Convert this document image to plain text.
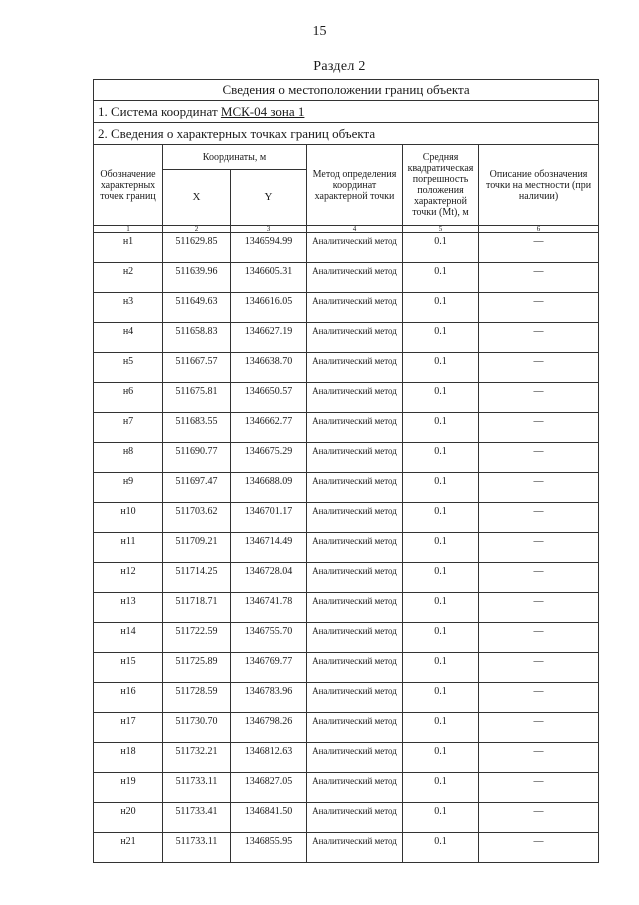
15
Раздел 2
Сведения о местоположении границ объекта					
1. Система координат МСК-04 зона 1					
2. Сведения о характерных точках границ объекта					
Обозначение характерных точек границ	Координаты, м		Метод определения координат характерной точки	Средняя квадратическая погрешность положения характерной точки (Mt), м	Описание обозначения точки на местности (при наличии)
	X	Y			
1	2	3	4	5	6
н1	511629.85	1346594.99	Аналитический метод	0.1	—
н2	511639.96	1346605.31	Аналитический метод	0.1	—
н3	511649.63	1346616.05	Аналитический метод	0.1	—
н4	511658.83	1346627.19	Аналитический метод	0.1	—
н5	511667.57	1346638.70	Аналитический метод	0.1	—
н6	511675.81	1346650.57	Аналитический метод	0.1	—
н7	511683.55	1346662.77	Аналитический метод	0.1	—
н8	511690.77	1346675.29	Аналитический метод	0.1	—
н9	511697.47	1346688.09	Аналитический метод	0.1	—
н10	511703.62	1346701.17	Аналитический метод	0.1	—
н11	511709.21	1346714.49	Аналитический метод	0.1	—
н12	511714.25	1346728.04	Аналитический метод	0.1	—
н13	511718.71	1346741.78	Аналитический метод	0.1	—
н14	511722.59	1346755.70	Аналитический метод	0.1	—
н15	511725.89	1346769.77	Аналитический метод	0.1	—
н16	511728.59	1346783.96	Аналитический метод	0.1	—
н17	511730.70	1346798.26	Аналитический метод	0.1	—
н18	511732.21	1346812.63	Аналитический метод	0.1	—
н19	511733.11	1346827.05	Аналитический метод	0.1	—
н20	511733.41	1346841.50	Аналитический метод	0.1	—
н21	511733.11	1346855.95	Аналитический метод	0.1	—
